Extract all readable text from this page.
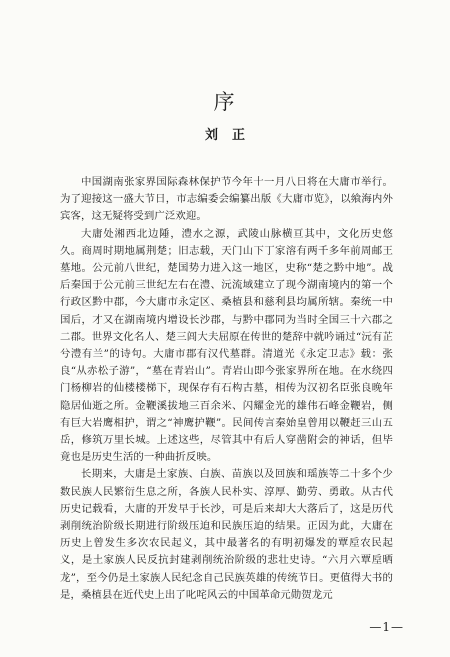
序
刘正

中国湖南张家界国际森林保护节今年十一月八日将在大庸市举行。为了迎接这一盛大节日，市志编委会编纂出版《大庸市览》，以飨海内外宾客，这无疑将受到广泛欢迎。

大庸处湘西北边陲，澧水之源，武陵山脉横亘其中，文化历史悠久。商周时期地属荆楚；旧志载，天门山下丁家溶有两千多年前周邮王墓地。公元前八世纪，楚国势力进入这一地区，史称“楚之黔中地”。战后秦国于公元前三世纪左右在澧、沅流域建立了现今湖南境内的第一个行政区黔中郡，今大庸市永定区、桑植县和慈利县均属所辖。秦统一中国后，才又在湖南境内增设长沙郡，与黔中郡同为当时全国三十六郡之二郡。世界文化名人、楚三闾大夫屈原在传世的楚辞中就吟诵过“沅有芷兮澧有兰”的诗句。大庸市郡有汉代墓群。清道光《永定卫志》载：张良“从赤松子游”，“墓在青岩山”。青岩山即今张家界所在地。在水绕四门杨柳岩的仙楼楼梯下，现保存有石构古墓，相传为汉初名臣张良晚年隐居仙逝之所。金鞭溪拔地三百余米、闪耀金光的雄伟石峰金鞭岩，侧有巨大岩鹰相护，谓之“神鹰护鞭”。民间传言秦始皇曾用以鞭赶三山五岳，修筑万里长城。上述这些，尽管其中有后人穿凿附会的神话，但毕竟也是历史生活的一种曲折反映。

长期来，大庸是土家族、白族、苗族以及回族和瑶族等二十多个少数民族人民繁衍生息之所，各族人民朴实、淳厚、勤劳、勇敢。从古代历史记载看，大庸的开发早于长沙，可是后来却大大落后了，这是历代剥削统治阶级长期进行阶级压迫和民族压迫的结果。正因为此，大庸在历史上曾发生多次农民起义，其中最著名的有明初爆发的覃垕农民起义，是土家族人民反抗封建剥削统治阶级的悲壮史诗。“六月六覃垕晒龙”，至今仍是土家族人民纪念自己民族英雄的传统节日。更值得大书的是，桑植县在近代史上出了叱咤风云的中国革命元勋贺龙元

—1—
